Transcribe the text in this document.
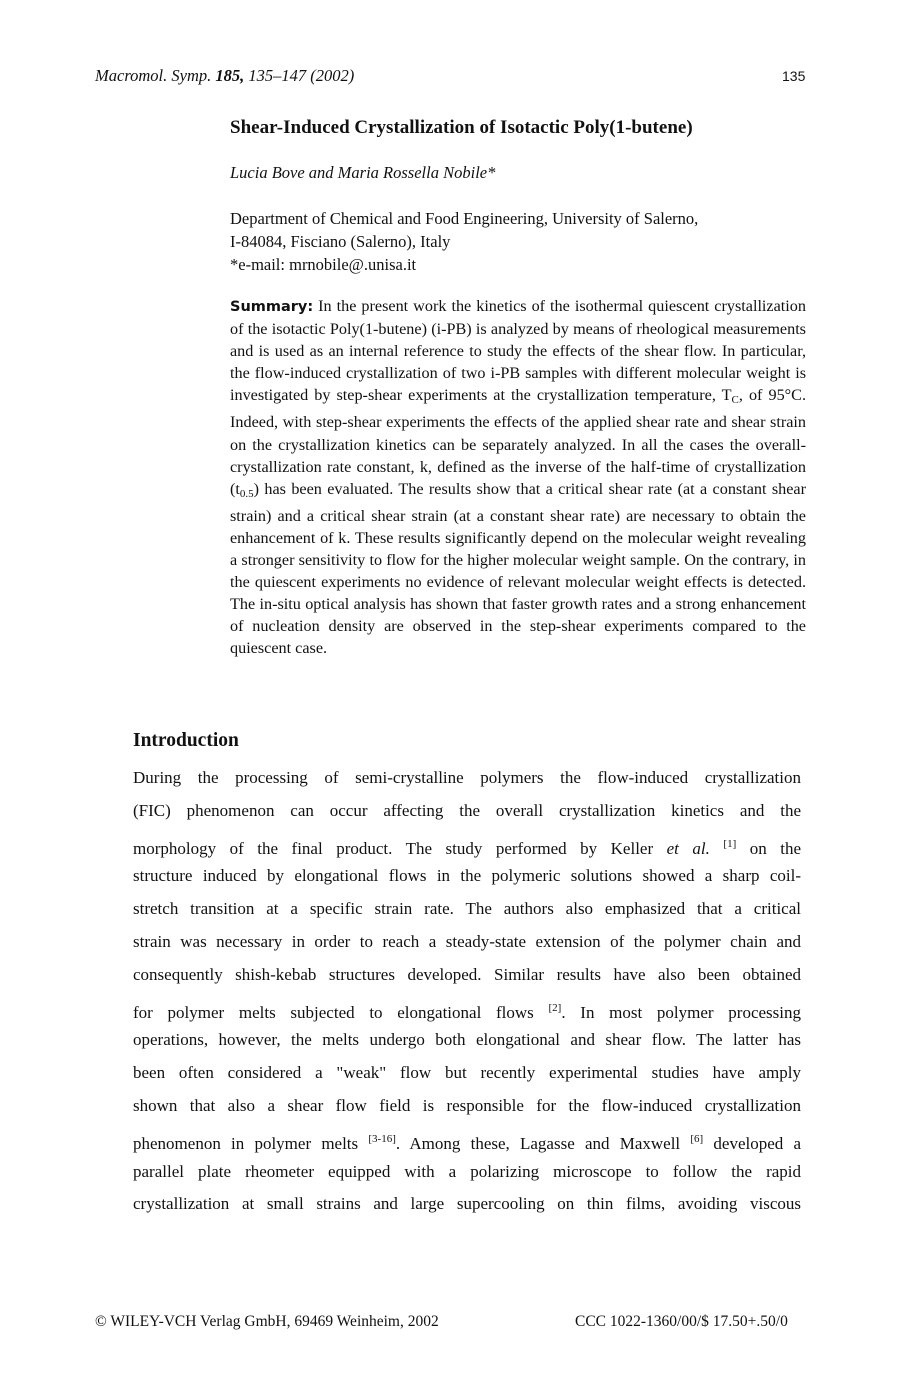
Macromol. Symp. 185, 135–147 (2002)	135
Shear-Induced Crystallization of Isotactic Poly(1-butene)
Lucia Bove and Maria Rossella Nobile*
Department of Chemical and Food Engineering, University of Salerno,
I-84084, Fisciano (Salerno), Italy
*e-mail: mrnobile@.unisa.it
Summary: In the present work the kinetics of the isothermal quiescent crystallization of the isotactic Poly(1-butene) (i-PB) is analyzed by means of rheological measurements and is used as an internal reference to study the effects of the shear flow. In particular, the flow-induced crystallization of two i-PB samples with different molecular weight is investigated by step-shear experiments at the crystallization temperature, $T_C$, of 95°C. Indeed, with step-shear experiments the effects of the applied shear rate and shear strain on the crystallization kinetics can be separately analyzed. In all the cases the overall-crystallization rate constant, k, defined as the inverse of the half-time of crystallization $(t_{0.5})$ has been evaluated. The results show that a critical shear rate (at a constant shear strain) and a critical shear strain (at a constant shear rate) are necessary to obtain the enhancement of k. These results significantly depend on the molecular weight revealing a stronger sensitivity to flow for the higher molecular weight sample. On the contrary, in the quiescent experiments no evidence of relevant molecular weight effects is detected. The in-situ optical analysis has shown that faster growth rates and a strong enhancement of nucleation density are observed in the step-shear experiments compared to the quiescent case.
Introduction
During the processing of semi-crystalline polymers the flow-induced crystallization
(FIC) phenomenon can occur affecting the overall crystallization kinetics and the
morphology of the final product. The study performed by Keller et al. [1] on the
structure induced by elongational flows in the polymeric solutions showed a sharp coil-
stretch transition at a specific strain rate. The authors also emphasized that a critical
strain was necessary in order to reach a steady-state extension of the polymer chain and
consequently shish-kebab structures developed. Similar results have also been obtained
for polymer melts subjected to elongational flows [2]. In most polymer processing
operations, however, the melts undergo both elongational and shear flow. The latter has
been often considered a "weak" flow but recently experimental studies have amply
shown that also a shear flow field is responsible for the flow-induced crystallization
phenomenon in polymer melts [3-16]. Among these, Lagasse and Maxwell [6] developed a
parallel plate rheometer equipped with a polarizing microscope to follow the rapid
crystallization at small strains and large supercooling on thin films, avoiding viscous
© WILEY-VCH Verlag GmbH, 69469 Weinheim, 2002	CCC 1022-1360/00/$ 17.50+.50/0
